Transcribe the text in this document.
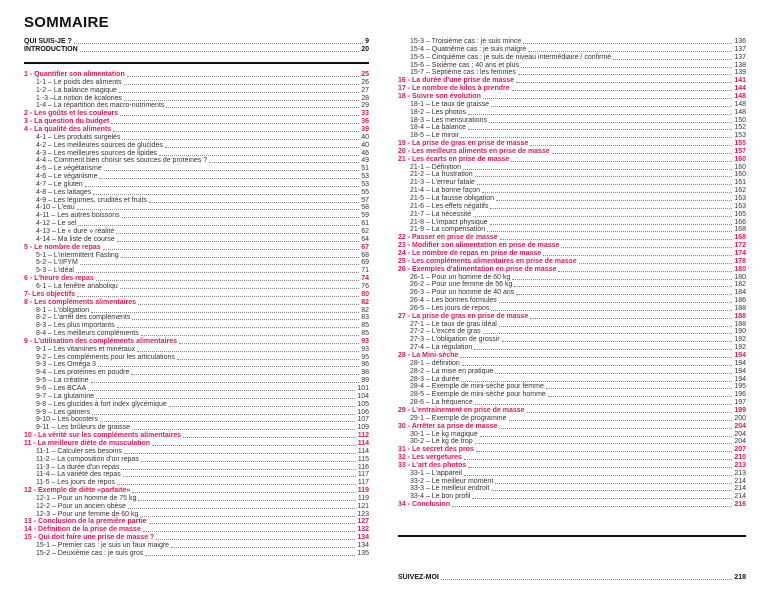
SOMMAIRE
QUI SUIS-JE ?	9
INTRODUCTION	20
1 - Quantifier son alimentation	25
1-1 – Le poids des aliments	26
1-2 – La balance magique	27
1 -3 –La notion de kcalories	28
1-4 – La répartition des macro-nutriments	29
2 - Les goûts et les couleurs	33
3 - La question du budget	36
4 - La qualité des aliments	39
4-1 – Les produits surgelés	40
4-2 – Les meilleures sources de glucides	40
4-3 – Les meilleures sources de lipides	46
4-4 – Comment bien choisir ses sources de protéines ?	49
4-5 – Le végétarisme	51
4-6 – Le véganisme	53
4-7 – Le gluten	53
4-8 – Les laitages	55
4-9 – Les légumes, crudités et fruits	57
4-10 – L'eau	58
4-11 – Les autres boissons	59
4-12 – Le sel	61
4-13 – Le « dure » réalité	62
4-14 – Ma liste de course	64
5 - Le nombre de repas	67
5-1 – L'intermittent Fasting	68
5-2 – L'IIFYM	69
5-3 – L'idéal	71
6 - L'heure des repas	74
6-1 – La fenêtre anaboliqu	76
7- Les objectifs	80
8 - Les compléments alimentaires	82
8-1 – L'obligation	82
8-2 – L'arrêt des compléments	83
8-3 – Les plus importants	85
8-4 – Les meilleurs compléments	85
9 - L'utilisation des compléments alimentaires	93
9-1 – Les vitamines et minéraux	93
9-2 – Les compléments pour les articulations	95
9-3 – Les Oméga 3	96
9-4 – Les protéines en poudre	98
9-5 – La créatine	99
9-6 – Les BCAA	101
9-7 – La glutamine	104
9-8 – Les glucides à fort index glycémique	105
9-9 – Les gainers	106
9-10 – Les boosters	107
9-11 – Les brûleurs de graisse	109
10 - La vérité sur les compléments alimentaires	112
11 - La meilleure diète de musculation	114
11-1 – Calculer ses besoins	114
11-2 – La composition d'un repas	115
11-3 – La durée d'un repas	116
11-4 – La variété des repas	117
11-5 – Les jours de repos	117
12 - Exemple de diète «parfaite»	119
12-1 – Pour un homme de 75 kg	119
12-2 – Pour un ancien obèse	121
12-3 – Pour une femme de 60 kg	123
13 - Conclusion de la première partie	127
14 - Définition de la prise de masse	132
15 - Qui doit faire une prise de masse ?	134
15-1 – Premier cas : je suis un faux maigre	134
15-2 – Deuxième cas : je suis gros	135
15-3 – Troisième cas : je suis mince	136
15-4 – Quatrième cas : je suis maigre	137
15-5 – Cinquième cas : je suis de niveau intermédiaire / confirmé	137
15-6 – Sixième cas : 40 ans et plus	138
15-7 – Septième cas : les femmes	139
16 - La durée d'une prise de masse	141
17 - Le nombre de kilos à prendre	144
18 - Suivre son évolution	148
18-1 – Le taux de graisse	148
18-2 – Les photos	148
18-3 – Les mensurations	150
18-4 – La balance	152
18-5 – Le miroir	153
19 - La prise de gras en prise de masse	155
20 - Les meilleurs aliments en prise de masse	157
21 - Les écarts en prise de masse	160
21-1 – Définition	160
21-2 – La frustration	160
21-3 – L'erreur fatale	161
21-4 – La bonne façon	162
21-5 – La fausse obligation	163
21-6 – Les effets négatifs	163
21-7 – La nécessité	165
21-8 – L'impact physique	166
21-9 – La compensation	168
22 - Passer en prise de masse	168
23 - Modifier son alimentation en prise de masse	172
24 - Le nombre de repas en prise de masse	174
25 - Les compléments alimentaires en prise de masse	178
26 - Exemples d'alimentation en prise de masse	180
26-1 – Pour un homme de 60 kg	180
26-2 – Pour une femme de 56 kg	182
26-3 – Pour un homme de 40 ans	184
26-4 – Les bonnes formules	186
26-5 – Les jours de repos	188
27 - La prise de gras en prise de masse	188
27-1 – Le taux de gras idéal	188
27-2 – L'excès de gras	190
27-3 – L'obligation de grossir	192
27-4 – La régulation	192
28 - La Mini-sèche	194
28-1 – définition	194
28-2 – La mise en pratique	194
28-3 – La durée	194
28-4 – Exemple de mini-sèche pour femme	195
28-5 – Exemple de mini-sèche pour homme	196
28-6 – La fréquence	197
29 - L'entraînement en prise de masse	199
29-1 – Exemple de programme	200
30 - Arrêter sa prise de masse	204
30-1 – Le kg magique	204
30-2 – Le kg de trop	204
31 - Le secret des pros	207
32 - Les vergetures	210
33 - L'art des photos	213
33-1 – L'appareil	213
33-2 – Le meilleur moment	214
33-3 – Le meilleur endroit	214
33-4 – Le bon profil	214
34 - Conclusion	216
SUIVEZ-MOI	218
